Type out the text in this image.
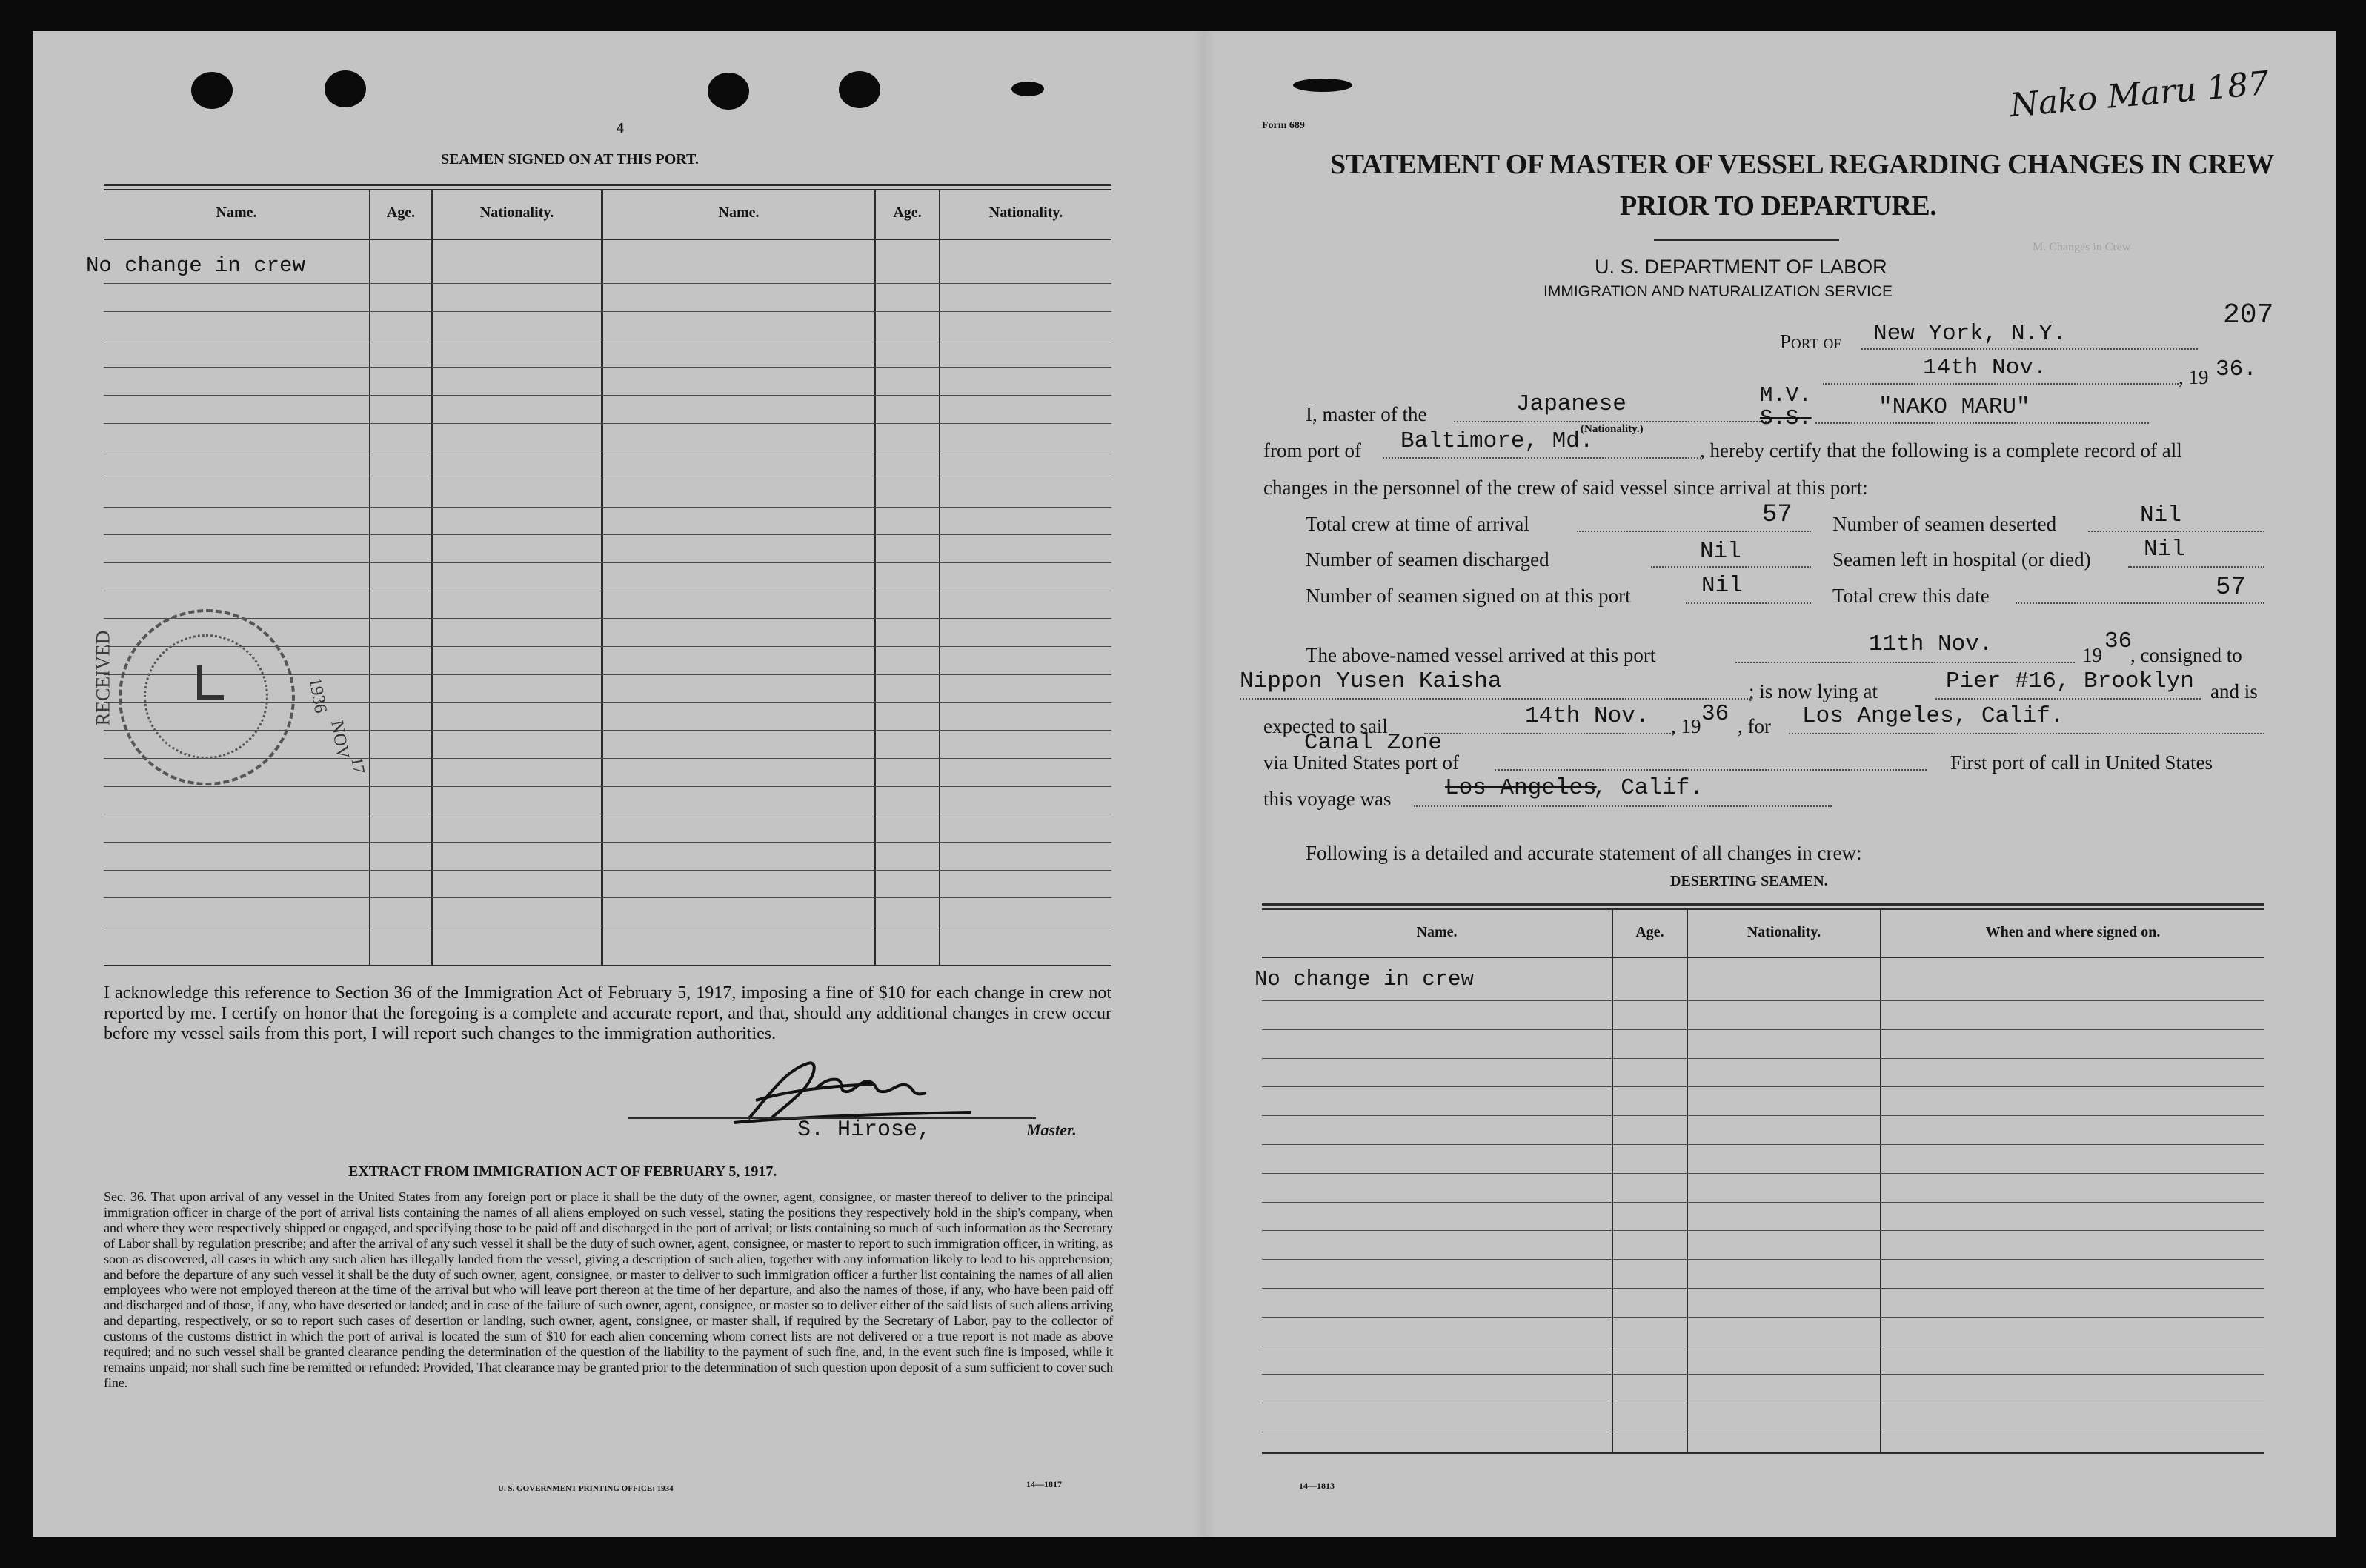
4
SEAMEN SIGNED ON AT THIS PORT.
Name.	Age.	Nationality.	Name.	Age.	Nationality.
No change in crew
I acknowledge this reference to Section 36 of the Immigration Act of February 5, 1917, imposing a fine of $10 for each change in crew not reported by me. I certify on honor that the foregoing is a complete and accurate report, and that, should any additional changes in crew occur before my vessel sails from this port, I will report such changes to the immigration authorities.
S. Hirose,	Master.
EXTRACT FROM IMMIGRATION ACT OF FEBRUARY 5, 1917.
Sec. 36. That upon arrival of any vessel in the United States from any foreign port or place it shall be the duty of the owner, agent, consignee, or master thereof to deliver to the principal immigration officer in charge of the port of arrival lists containing the names of all aliens employed on such vessel, stating the positions they respectively hold in the ship's company, when and where they were respectively shipped or engaged, and specifying those to be paid off and discharged in the port of arrival; or lists containing so much of such information as the Secretary of Labor shall by regulation prescribe; and after the arrival of any such vessel it shall be the duty of such owner, agent, consignee, or master to report to such immigration officer, in writing, as soon as discovered, all cases in which any such alien has illegally landed from the vessel, giving a description of such alien, together with any information likely to lead to his apprehension; and before the departure of any such vessel it shall be the duty of such owner, agent, consignee, or master to deliver to such immigration officer a further list containing the names of all alien employees who were not employed thereon at the time of the arrival but who will leave port thereon at the time of her departure, and also the names of those, if any, who have been paid off and discharged and of those, if any, who have deserted or landed; and in case of the failure of such owner, agent, consignee, or master so to deliver either of the said lists of such aliens arriving and departing, respectively, or so to report such cases of desertion or landing, such owner, agent, consignee, or master shall, if required by the Secretary of Labor, pay to the collector of customs of the customs district in which the port of arrival is located the sum of $10 for each alien concerning whom correct lists are not delivered or a true report is not made as above required; and no such vessel shall be granted clearance pending the determination of the question of the liability to the payment of such fine, and, in the event such fine is imposed, while it remains unpaid; nor shall such fine be remitted or refunded: Provided, That clearance may be granted prior to the determination of such question upon deposit of a sum sufficient to cover such fine.
U. S. GOVERNMENT PRINTING OFFICE: 1934	14—1817
RECEIVED	1936
NOV
17
Form 689
Nako Maru 187
STATEMENT OF MASTER OF VESSEL REGARDING CHANGES IN CREW
PRIOR TO DEPARTURE.
U. S. DEPARTMENT OF LABOR
IMMIGRATION AND NATURALIZATION SERVICE
M. Changes in Crew
207
Port of New York, N.Y.
14th Nov.	, 19 36.
I, master of the	Japanese
(Nationality.)
M.V.
S.S.	"NAKO MARU"
from port of Baltimore, Md.	, hereby certify that the following is a complete record of all
changes in the personnel of the crew of said vessel since arrival at this port:
Total crew at time of arrival	57 Number of seamen deserted	Nil
Number of seamen discharged	Nil	Seamen left in hospital (or died) Nil
Number of seamen signed on at this port	Nil	Total crew this date	57
The above-named vessel arrived at this port	11th Nov.	19
36
, consigned to
Nippon Yusen Kaisha	; is now lying at	Pier #16, Brooklyn and is
expected to sail	14th Nov. , 19 36 , for Los Angeles, Calif.
Canal Zone
via United States port of	First port of call in United States
this voyage was Los Angeles
, Calif.
Following is a detailed and accurate statement of all changes in crew:
DESERTING SEAMEN.
Name.	Age.	Nationality.	When and where signed on.
No change in crew
14—1813
